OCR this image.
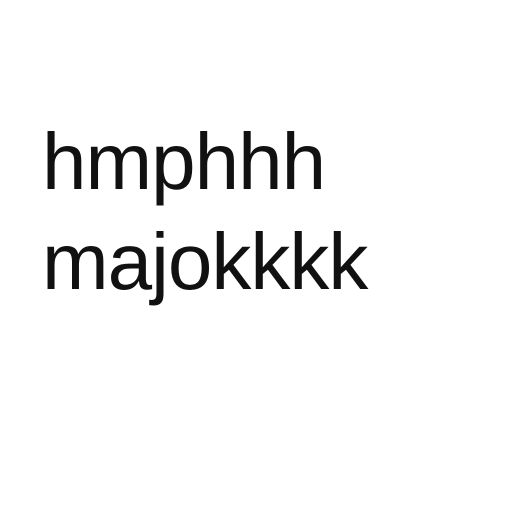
hmphhh
majokkkk
